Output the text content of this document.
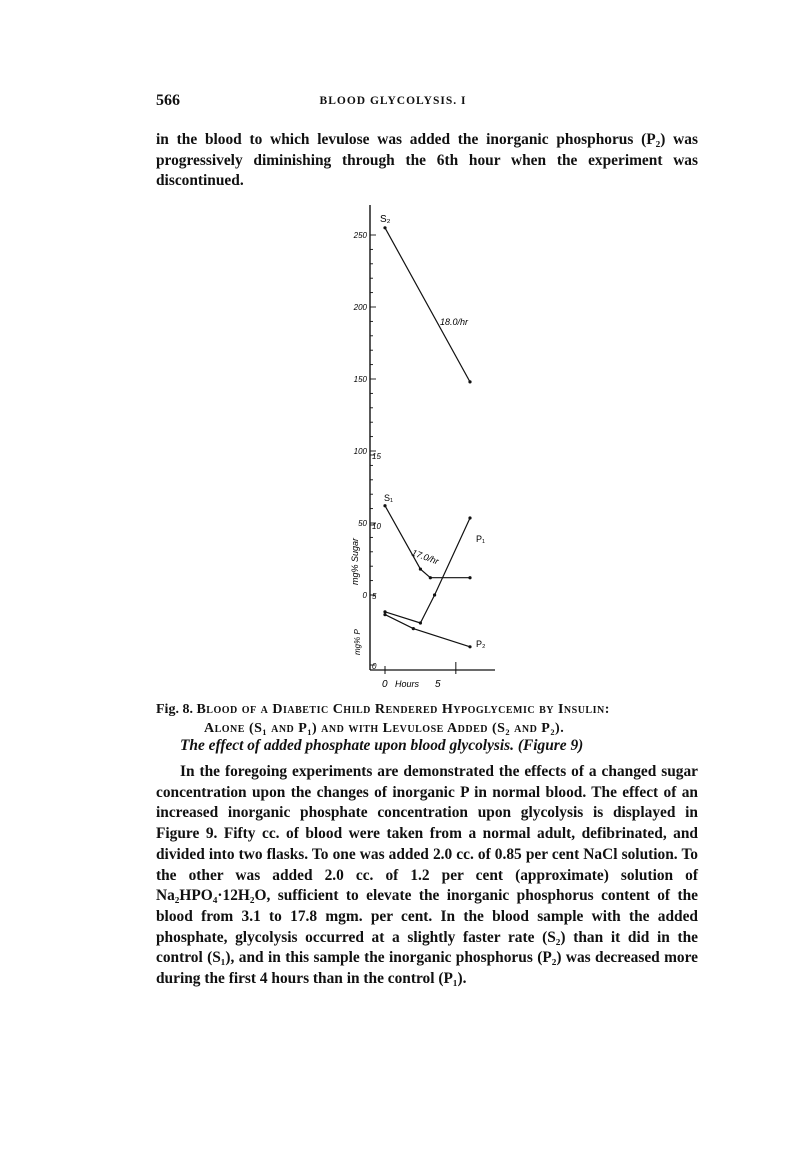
566	BLOOD GLYCOLYSIS. I
in the blood to which levulose was added the inorganic phosphorus (P₂) was progressively diminishing through the 6th hour when the experiment was discontinued.
250
200
150
100
50
0
15
10
5
0
mg% Sugar
mg% P
0 Hours 5
S₂
S₁
P₁
P₂
18.0/hr
17.0/hr
Fig. 8. Blood of a Diabetic Child Rendered Hypoglycemic by Insulin:
Alone (S₁ and P₁) and with Levulose Added (S₂ and P₂).
The effect of added phosphate upon blood glycolysis. (Figure 9)
In the foregoing experiments are demonstrated the effects of a changed sugar concentration upon the changes of inorganic P in normal blood. The effect of an increased inorganic phosphate concentration upon glycolysis is displayed in Figure 9. Fifty cc. of blood were taken from a normal adult, defibrinated, and divided into two flasks. To one was added 2.0 cc. of 0.85 per cent NaCl solution. To the other was added 2.0 cc. of 1.2 per cent (approximate) solution of Na₂HPO₄·12H₂O, sufficient to elevate the inorganic phosphorus content of the blood from 3.1 to 17.8 mgm. per cent. In the blood sample with the added phosphate, glycolysis occurred at a slightly faster rate (S₂) than it did in the control (S₁), and in this sample the inorganic phosphorus (P₂) was decreased more during the first 4 hours than in the control (P₁).
